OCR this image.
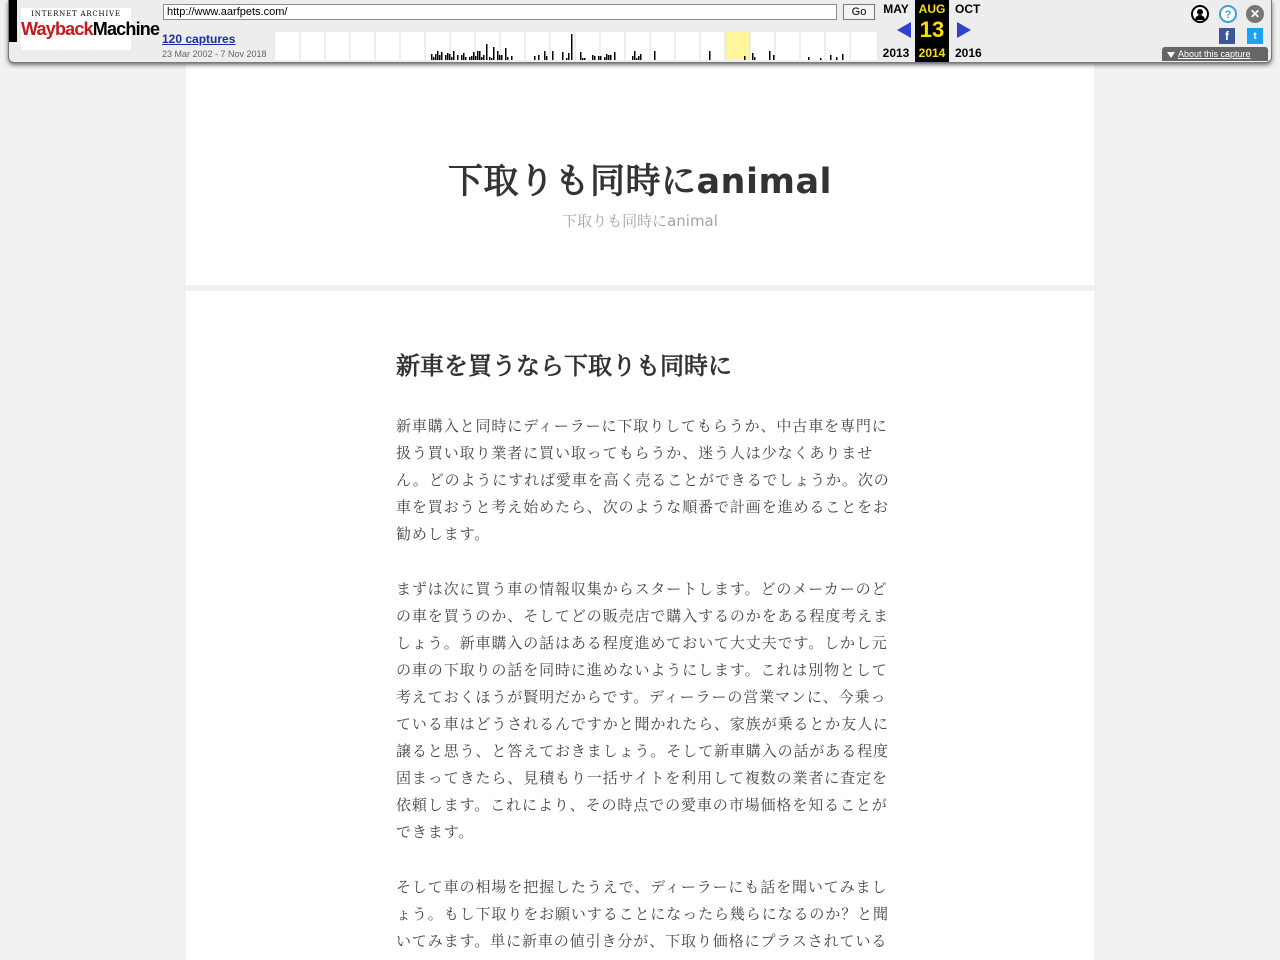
INTERNET ARCHIVE
WaybackMachine
http://www.aarfpets.com/
Go
120 captures
23 Mar 2002 - 7 Nov 2018
MAY
2013
AUG
13
2014
OCT
2016
?	✕
f	t
About this capture
下取りも同時にanimal

下取りも同時にanimal

新車を買うなら下取りも同時に

新車購入と同時にディーラーに下取りしてもらうか、中古車を専門に扱う買い取り業者に買い取ってもらうか、迷う人は少なくありません。どのようにすれば愛車を高く売ることができるでしょうか。次の車を買おうと考え始めたら、次のような順番で計画を進めることをお勧めします。

まずは次に買う車の情報収集からスタートします。どのメーカーのどの車を買うのか、そしてどの販売店で購入するのかをある程度考えましょう。新車購入の話はある程度進めておいて大丈夫です。しかし元の車の下取りの話を同時に進めないようにします。これは別物として考えておくほうが賢明だからです。ディーラーの営業マンに、今乗っている車はどうされるんですかと聞かれたら、家族が乗るとか友人に譲ると思う、と答えておきましょう。そして新車購入の話がある程度固まってきたら、見積もり一括サイトを利用して複数の業者に査定を依頼します。これにより、その時点での愛車の市場価格を知ることができます。

そして車の相場を把握したうえで、ディーラーにも話を聞いてみましょう。もし下取りをお願いすることになったら幾らになるのか？と聞いてみます。単に新車の値引き分が、下取り価格にプラスされている
